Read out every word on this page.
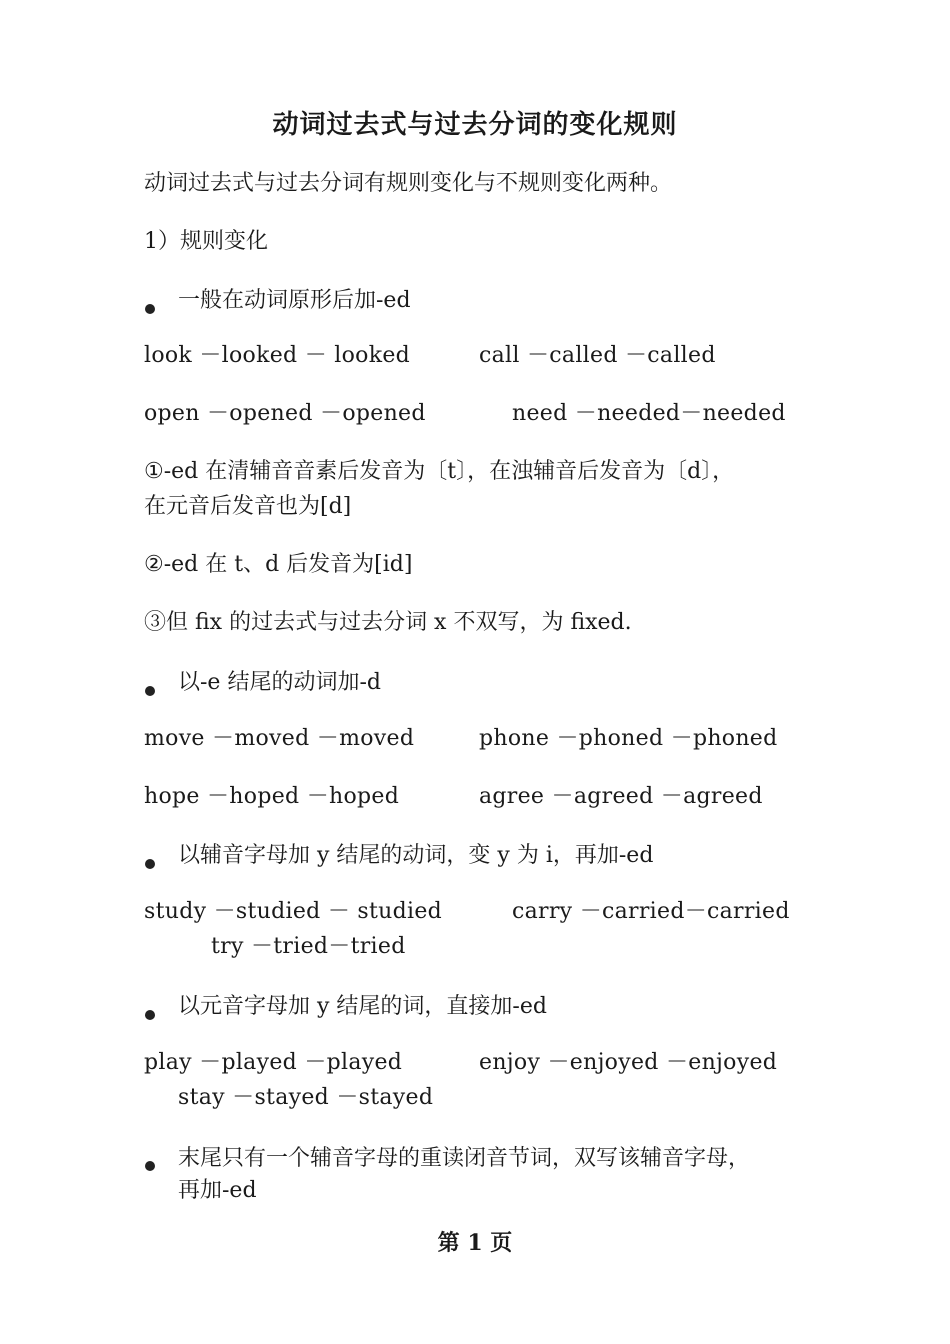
动词过去式与过去分词的变化规则
动词过去式与过去分词有规则变化与不规则变化两种。
1）规则变化
一般在动词原形后加-ed
look －looked － looked	call －called －called
open －opened －opened	need －needed－needed
①-ed 在清辅音音素后发音为〔t〕，在浊辅音后发音为〔d〕，
在元音后发音也为[d]
②-ed 在 t、d 后发音为[id]
③但 fix 的过去式与过去分词 x 不双写，为 fixed.
以-e 结尾的动词加-d
move －moved －moved	phone －phoned －phoned
hope －hoped －hoped	agree －agreed －agreed
以辅音字母加 y 结尾的动词，变 y 为 i，再加-ed
study －studied － studied	carry －carried－carried
try －tried－tried
以元音字母加 y 结尾的词，直接加-ed
play －played －played	enjoy －enjoyed －enjoyed
stay －stayed －stayed
末尾只有一个辅音字母的重读闭音节词，双写该辅音字母，
再加-ed
第 1 页
